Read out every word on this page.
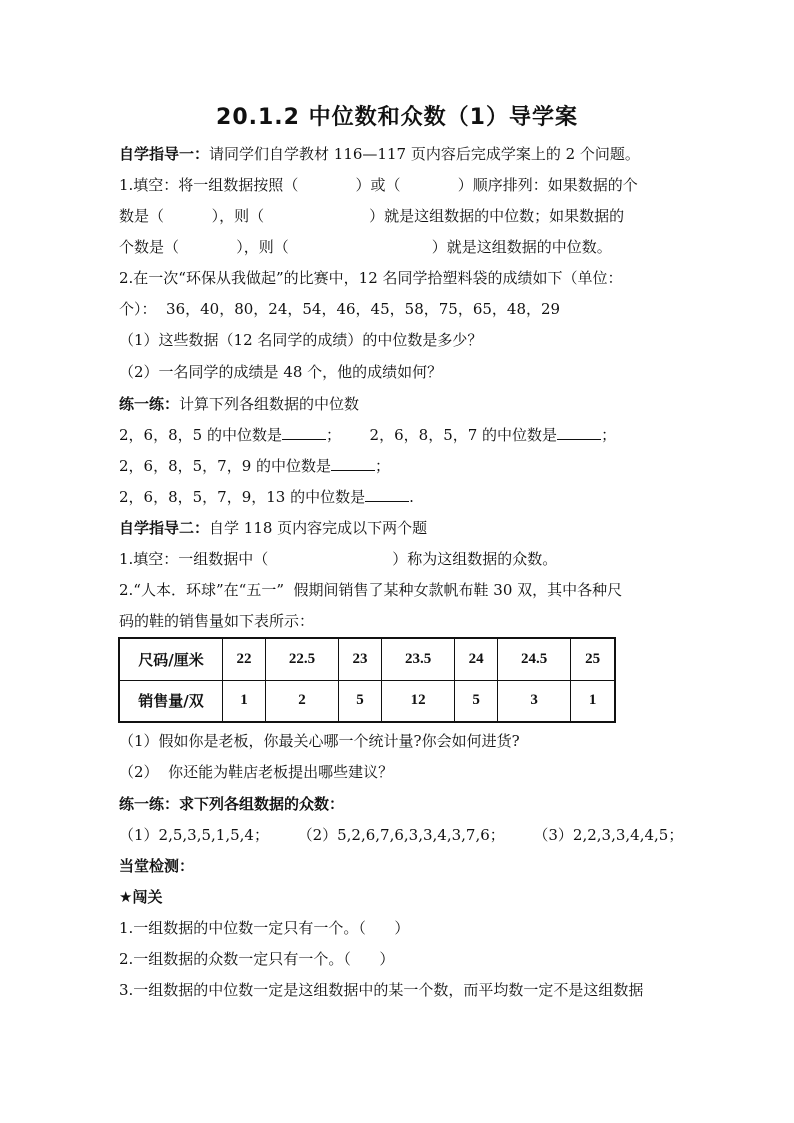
20.1.2 中位数和众数（1）导学案
自学指导一：请同学们自学教材 116—117 页内容后完成学案上的 2 个问题。
1.填空：将一组数据按照（            ）或（            ）顺序排列：如果数据的个
数是（          ），则（                      ）就是这组数据的中位数；如果数据的
个数是（            ），则（                              ）就是这组数据的中位数。
2.在一次“环保从我做起”的比赛中，12 名同学拾塑料袋的成绩如下（单位：
个）：  36，40，80，24，54，46，45，58，75，65，48，29
（1）这些数据（12 名同学的成绩）的中位数是多少？
（2）一名同学的成绩是 48 个，他的成绩如何？
练一练：计算下列各组数据的中位数
2，6，8，5 的中位数是	；      2，6，8，5，7 的中位数是	；
2，6，8，5，7，9 的中位数是	；
2，6，8，5，7，9，13 的中位数是	.
自学指导二：自学 118 页内容完成以下两个题
1.填空：一组数据中（                          ）称为这组数据的众数。
2.“人本．环球”在“五一”  假期间销售了某种女款帆布鞋 30 双，其中各种尺
码的鞋的销售量如下表所示：
尺码/厘米	22	22.5	23	23.5	24	24.5	25
销售量/双	1	2	5	12	5	3	1
（1）假如你是老板，你最关心哪一个统计量?你会如何进货?
（2）  你还能为鞋店老板提出哪些建议？
练一练：求下列各组数据的众数：
（1）2,5,3,5,1,5,4；      （2）5,2,6,7,6,3,3,4,3,7,6；      （3）2,2,3,3,4,4,5；
当堂检测：
★闯关
1.一组数据的中位数一定只有一个。（      ）
2.一组数据的众数一定只有一个。（      ）
3.一组数据的中位数一定是这组数据中的某一个数，而平均数一定不是这组数据
